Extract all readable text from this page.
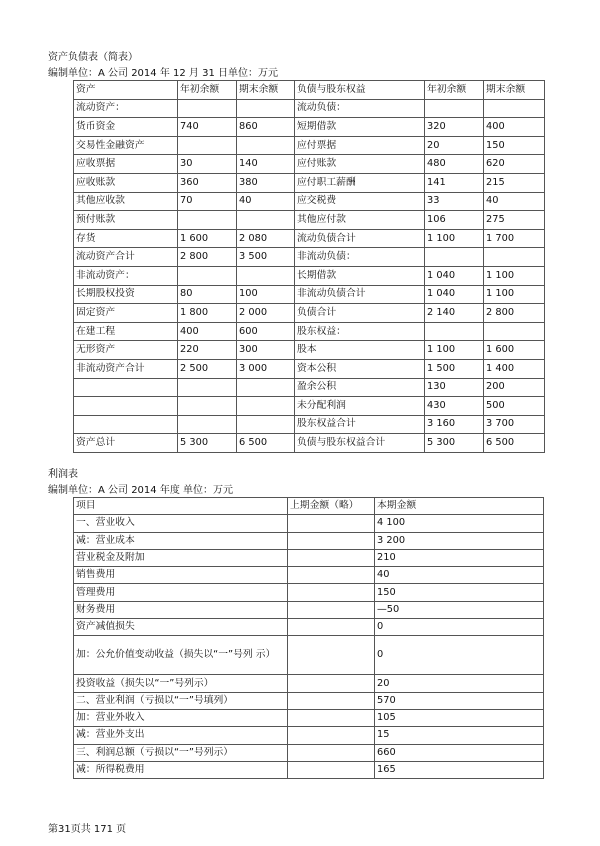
资产负债表（简表）
编制单位：A 公司 2014 年 12 月 31 日单位：万元
资产	年初余额	期末余额	负债与股东权益	年初余额	期末余额
流动资产：			流动负债：		
货币资金	740	860	短期借款	320	400
交易性金融资产			应付票据	20	150
应收票据	30	140	应付账款	480	620
应收账款	360	380	应付职工薪酬	141	215
其他应收款	70	40	应交税费	33	40
预付账款			其他应付款	106	275
存货	1 600	2 080	流动负债合计	1 100	1 700
流动资产合计	2 800	3 500	非流动负债：		
非流动资产：			长期借款	1 040	1 100
长期股权投资	80	100	非流动负债合计	1 040	1 100
固定资产	1 800	2 000	负债合计	2 140	2 800
在建工程	400	600	股东权益：		
无形资产	220	300	股本	1 100	1 600
非流动资产合计	2 500	3 000	资本公积	1 500	1 400
			盈余公积	130	200
			未分配利润	430	500
			股东权益合计	3 160	3 700
资产总计	5 300	6 500	负债与股东权益合计	5 300	6 500
利润表
编制单位：A 公司 2014 年度 单位：万元
项目	上期金额（略）	本期金额
一、营业收入		4 100
减：营业成本		3 200
营业税金及附加		210
销售费用		40
管理费用		150
财务费用		—50
资产减值损失		0
加：公允价值变动收益（损失以“一”号列 示）		0
投资收益（损失以“一”号列示）		20
二、营业利润（亏损以“一”号填列）		570
加：营业外收入		105
减：营业外支出		15
三、利润总额（亏损以“一”号列示）		660
减：所得税费用		165
第31页共 171 页
